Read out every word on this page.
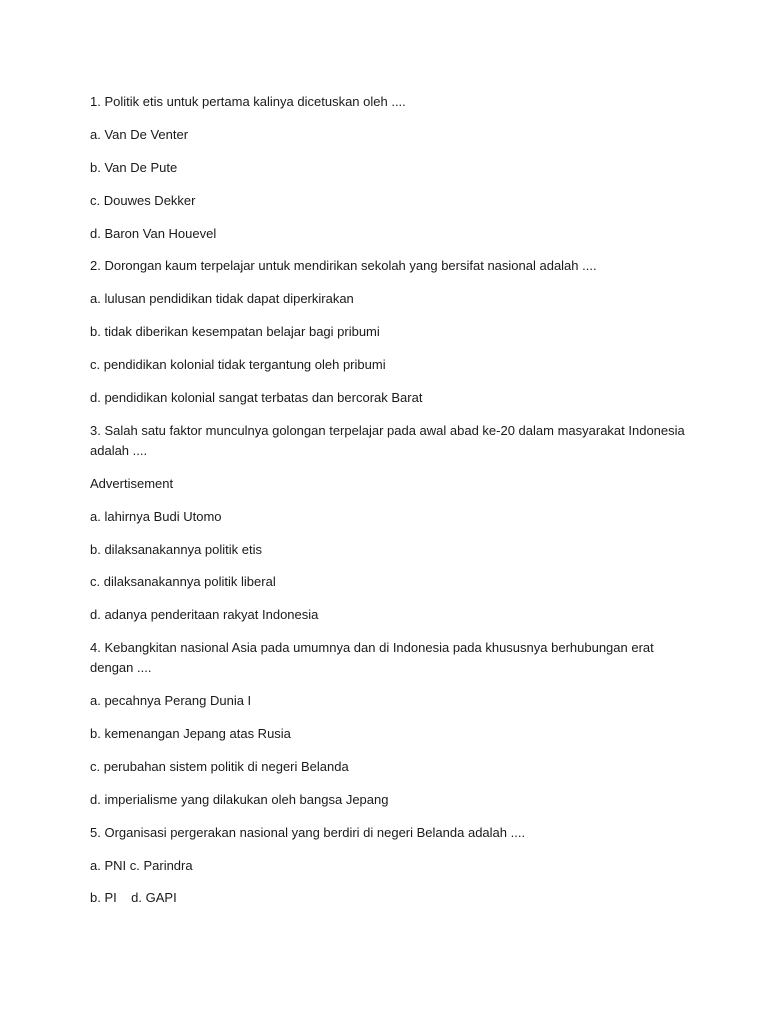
1. Politik etis untuk pertama kalinya dicetuskan oleh ....

a. Van De Venter

b. Van De Pute

c. Douwes Dekker

d. Baron Van Houevel

2. Dorongan kaum terpelajar untuk mendirikan sekolah yang bersifat nasional adalah ....

a. lulusan pendidikan tidak dapat diperkirakan

b. tidak diberikan kesempatan belajar bagi pribumi

c. pendidikan kolonial tidak tergantung oleh pribumi

d. pendidikan kolonial sangat terbatas dan bercorak Barat

3. Salah satu faktor munculnya golongan terpelajar pada awal abad ke-20 dalam masyarakat Indonesia adalah ....

Advertisement

a. lahirnya Budi Utomo

b. dilaksanakannya politik etis

c. dilaksanakannya politik liberal

d. adanya penderitaan rakyat Indonesia

4. Kebangkitan nasional Asia pada umumnya dan di Indonesia pada khususnya berhubungan erat dengan ....

a. pecahnya Perang Dunia I

b. kemenangan Jepang atas Rusia

c. perubahan sistem politik di negeri Belanda

d. imperialisme yang dilakukan oleh bangsa Jepang

5. Organisasi pergerakan nasional yang berdiri di negeri Belanda adalah ....

a. PNI c. Parindra

b. PI    d. GAPI
